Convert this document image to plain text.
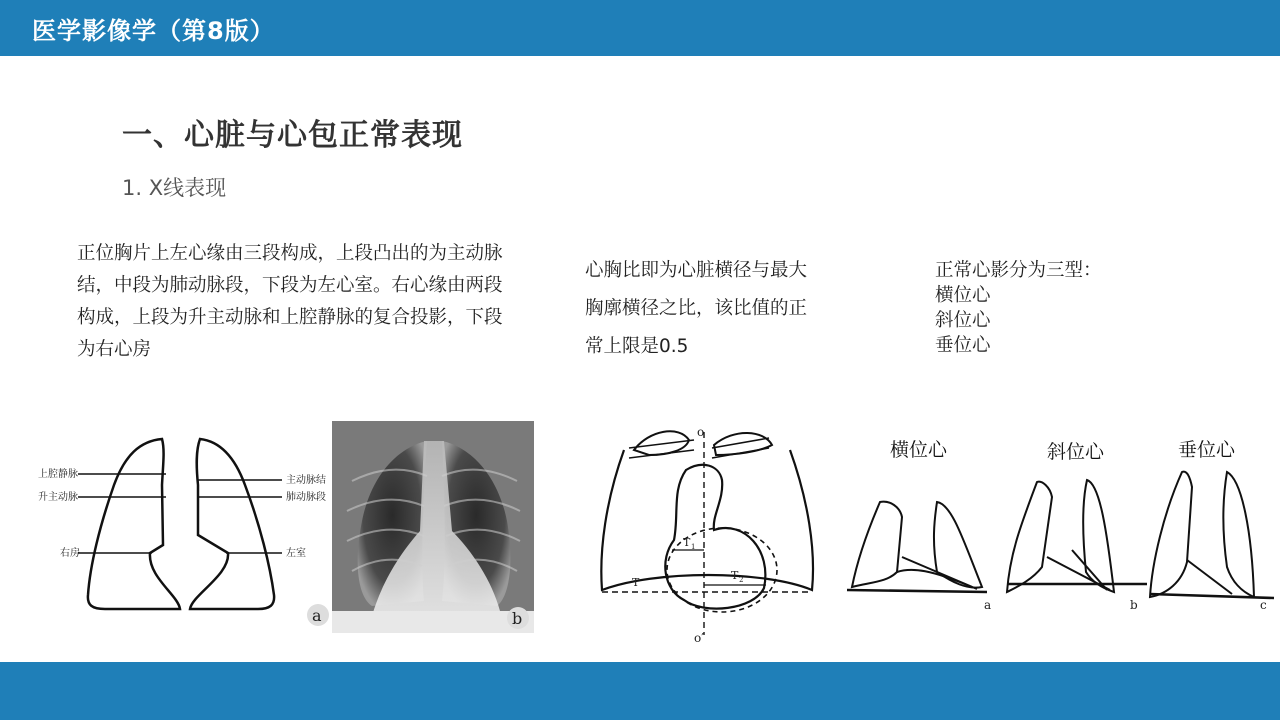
医学影像学（第8版）
一、心脏与心包正常表现
1. X线表现
正位胸片上左心缘由三段构成，上段凸出的为主动脉结，中段为肺动脉段，下段为左心室。右心缘由两段构成，上段为升主动脉和上腔静脉的复合投影，下段为右心房
心胸比即为心脏横径与最大胸廓横径之比，该比值的正常上限是0.5
正常心影分为三型：
横位心
斜位心
垂位心
上腔静脉
升主动脉
右房
主动脉结
肺动脉段
左室
a	b
o
o′
T
T 1
T 2
横位心	斜位心	垂位心
a	b	c
